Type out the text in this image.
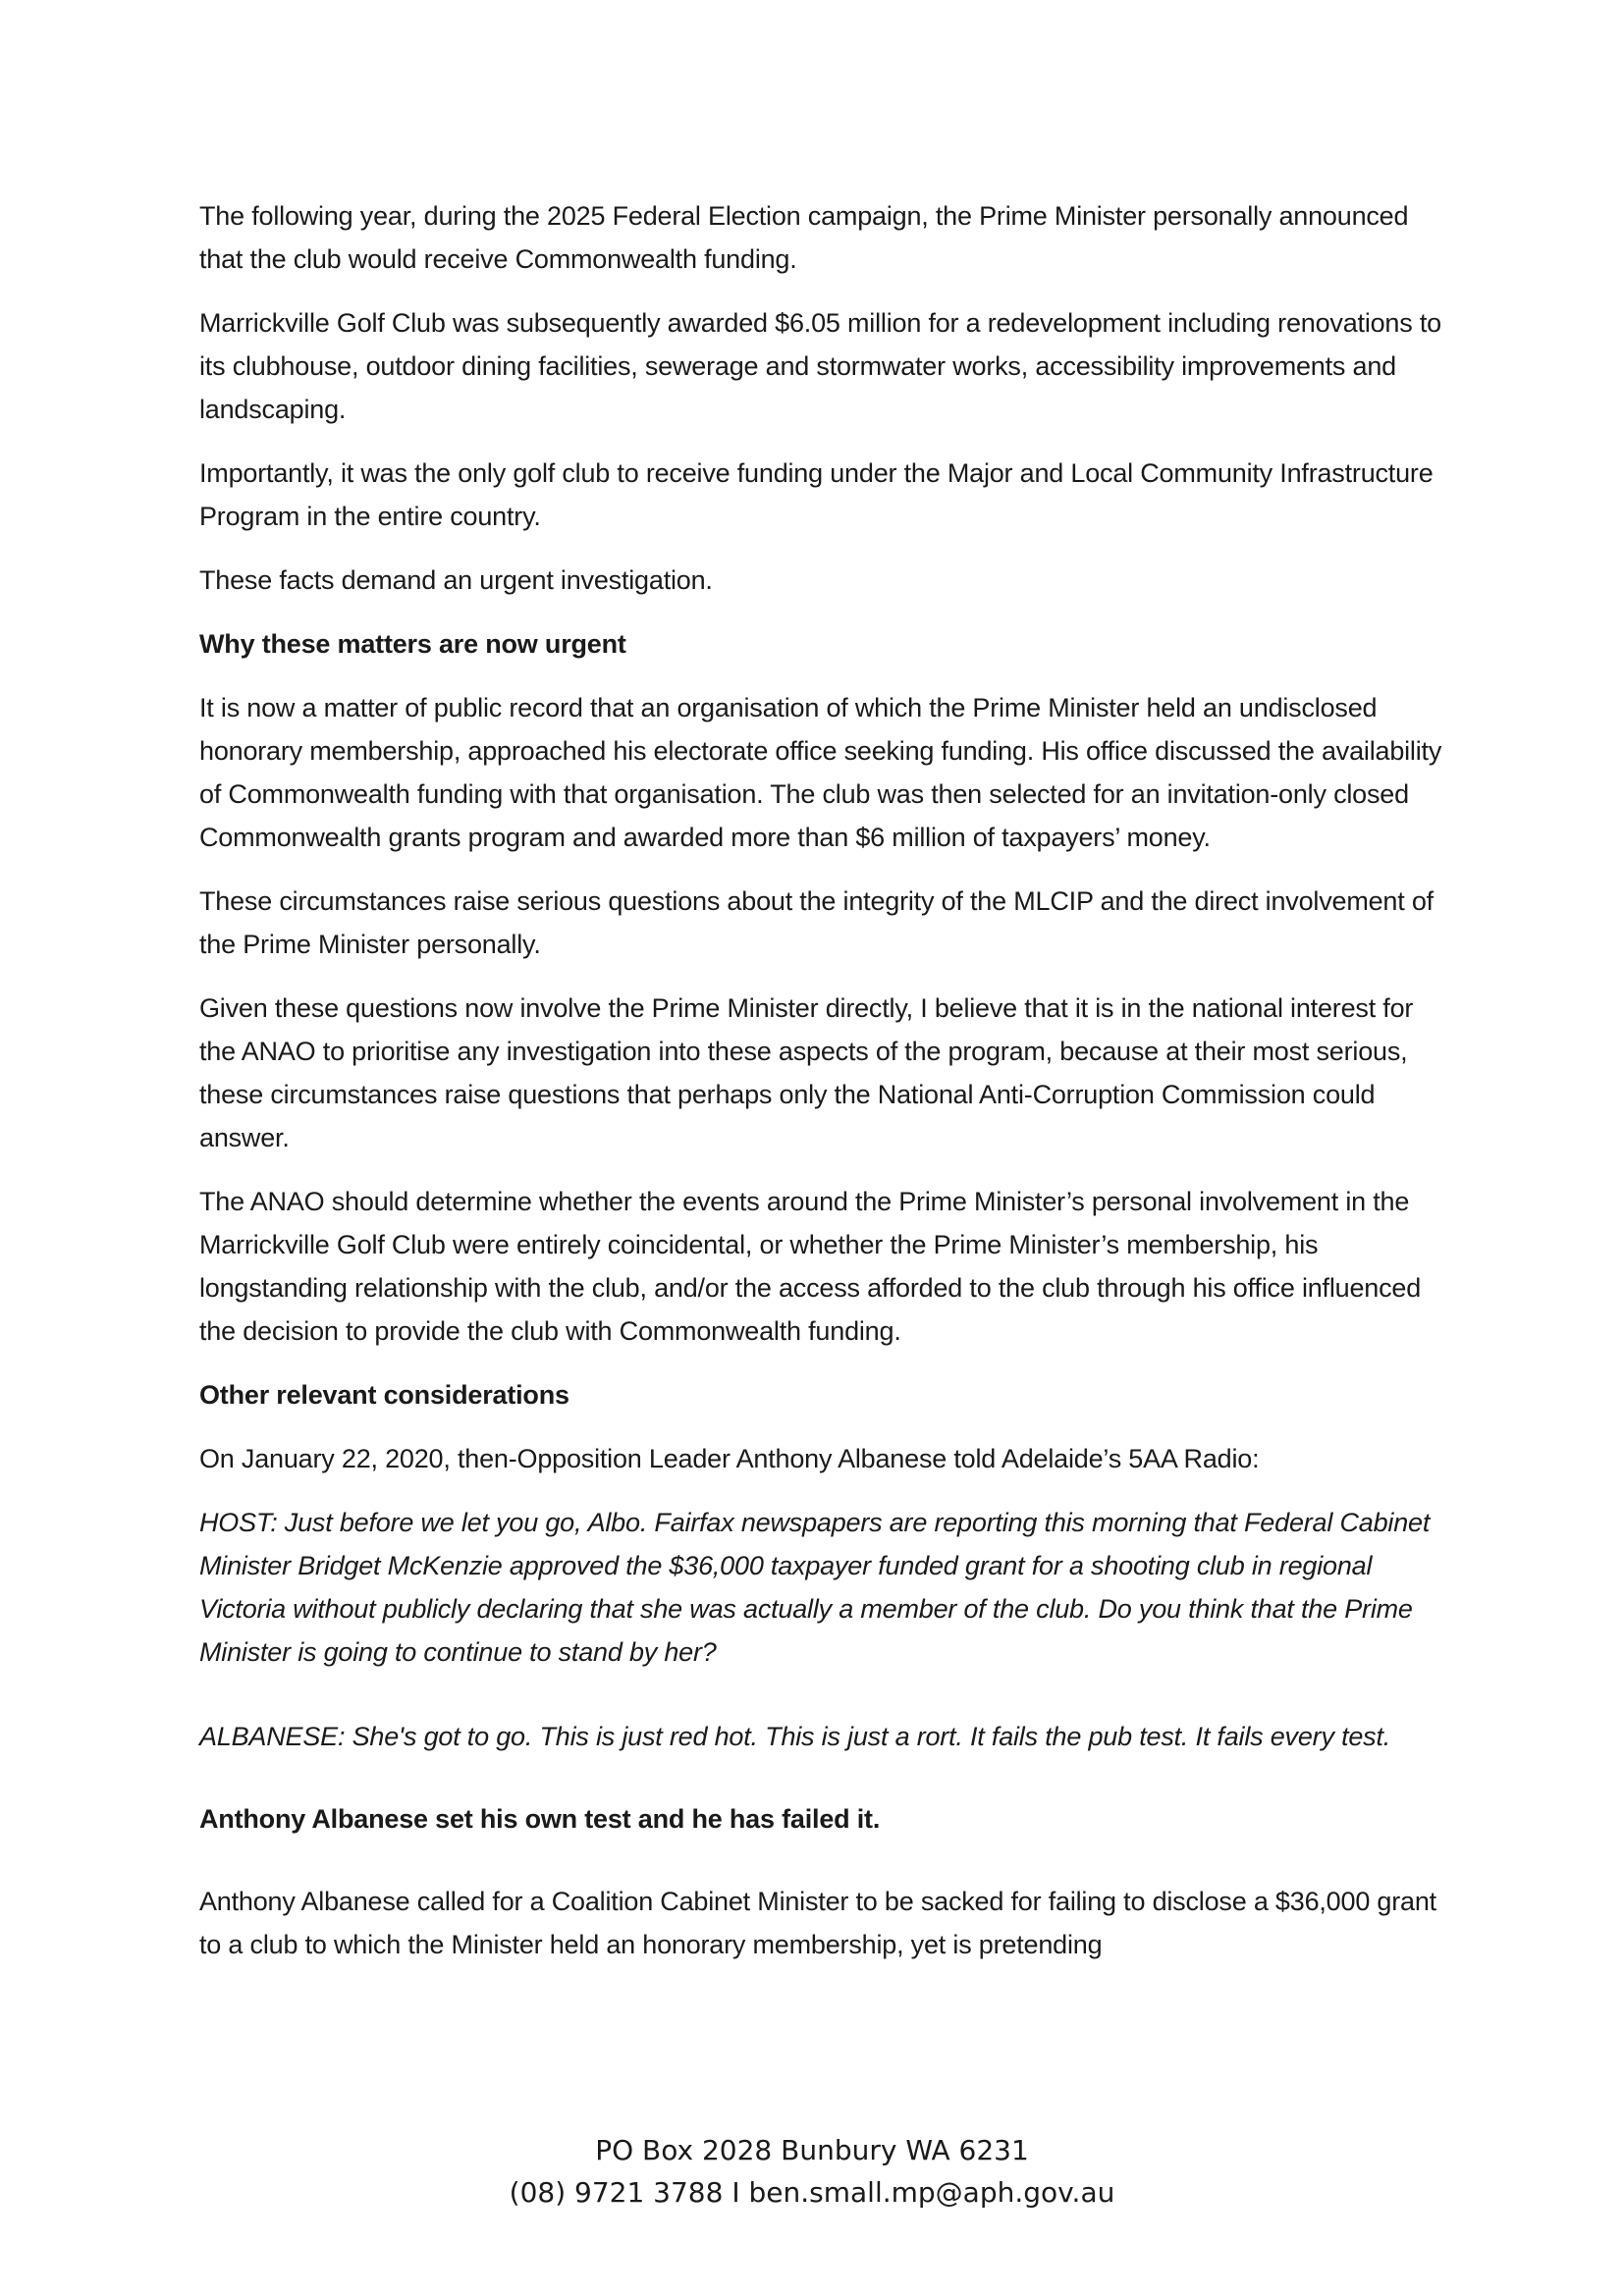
The following year, during the 2025 Federal Election campaign, the Prime Minister personally announced that the club would receive Commonwealth funding.

Marrickville Golf Club was subsequently awarded $6.05 million for a redevelopment including renovations to its clubhouse, outdoor dining facilities, sewerage and stormwater works, accessibility improvements and landscaping.

Importantly, it was the only golf club to receive funding under the Major and Local Community Infrastructure Program in the entire country.

These facts demand an urgent investigation.

Why these matters are now urgent

It is now a matter of public record that an organisation of which the Prime Minister held an undisclosed honorary membership, approached his electorate office seeking funding. His office discussed the availability of Commonwealth funding with that organisation. The club was then selected for an invitation-only closed Commonwealth grants program and awarded more than $6 million of taxpayers’ money.

These circumstances raise serious questions about the integrity of the MLCIP and the direct involvement of the Prime Minister personally.

Given these questions now involve the Prime Minister directly, I believe that it is in the national interest for the ANAO to prioritise any investigation into these aspects of the program, because at their most serious, these circumstances raise questions that perhaps only the National Anti-Corruption Commission could answer.

The ANAO should determine whether the events around the Prime Minister’s personal involvement in the Marrickville Golf Club were entirely coincidental, or whether the Prime Minister’s membership, his longstanding relationship with the club, and/or the access afforded to the club through his office influenced the decision to provide the club with Commonwealth funding.

Other relevant considerations

On January 22, 2020, then-Opposition Leader Anthony Albanese told Adelaide’s 5AA Radio:

HOST: Just before we let you go, Albo. Fairfax newspapers are reporting this morning that Federal Cabinet Minister Bridget McKenzie approved the $36,000 taxpayer funded grant for a shooting club in regional Victoria without publicly declaring that she was actually a member of the club. Do you think that the Prime Minister is going to continue to stand by her?

ALBANESE: She's got to go. This is just red hot. This is just a rort. It fails the pub test. It fails every test.

Anthony Albanese set his own test and he has failed it.

Anthony Albanese called for a Coalition Cabinet Minister to be sacked for failing to disclose a $36,000 grant to a club to which the Minister held an honorary membership, yet is pretending

PO Box 2028 Bunbury WA 6231
(08) 9721 3788 I ben.small.mp@aph.gov.au
